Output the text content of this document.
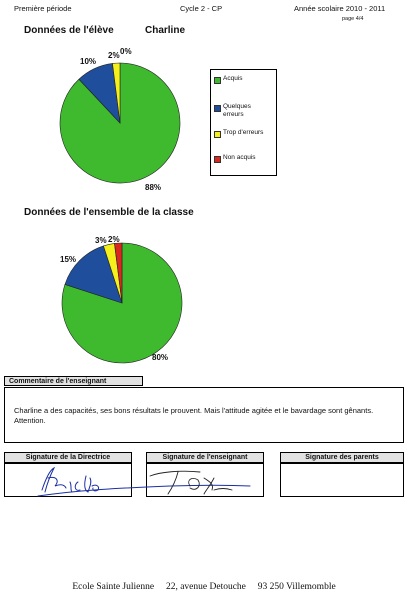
Première période	Cycle 2 - CP	Année scolaire 2010 - 2011
page 4/4
Données de l'élève	Charline
88%
10%
2% 0%
Acquis
Quelques erreurs
Trop d'erreurs
Non acquis
Données de l'ensemble de la classe
80%
15%
3% 2%
Commentaire de l'enseignant
Charline a des capacités, ses bons résultats le prouvent. Mais l'attitude agitée et le bavardage sont gênants. Attention.
Signature de la Directrice	Signature de l'enseignant	Signature des parents
Ecole Sainte Julienne 22, avenue Detouche 93 250 Villemomble
